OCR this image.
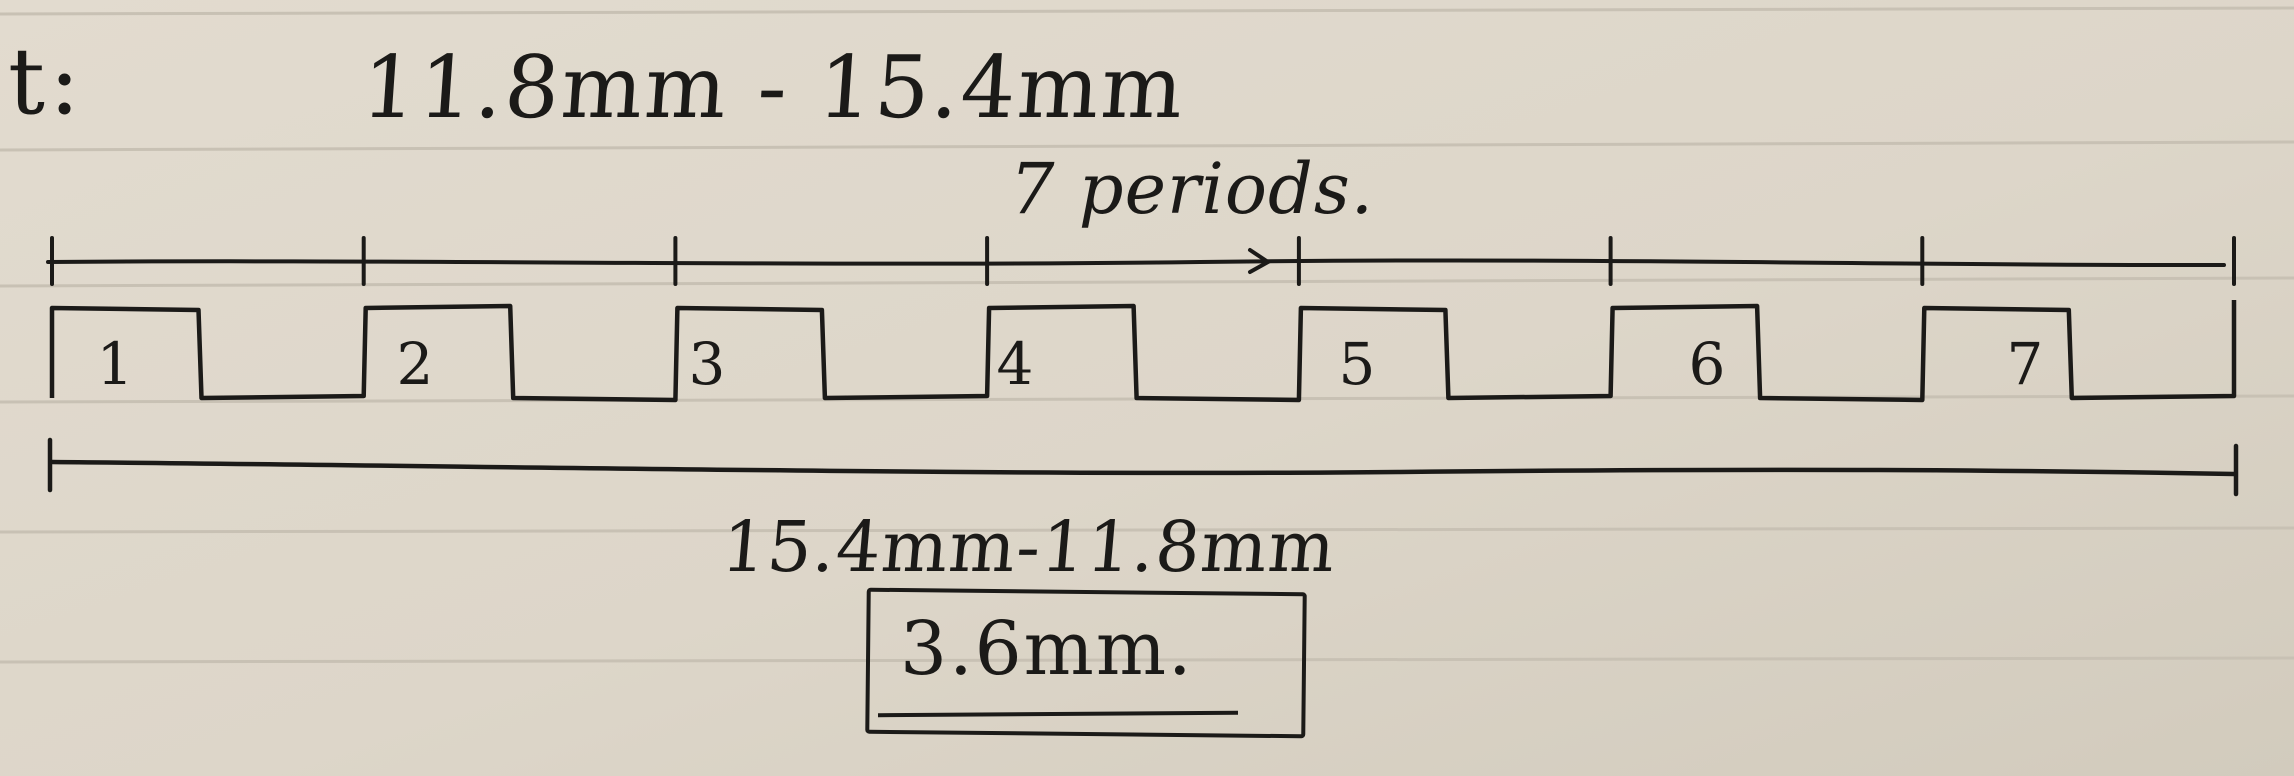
t:	11.8mm - 15.4mm

7 periods.

1	2	3	4	5	6	7

15.4mm-11.8mm

3.6mm.
